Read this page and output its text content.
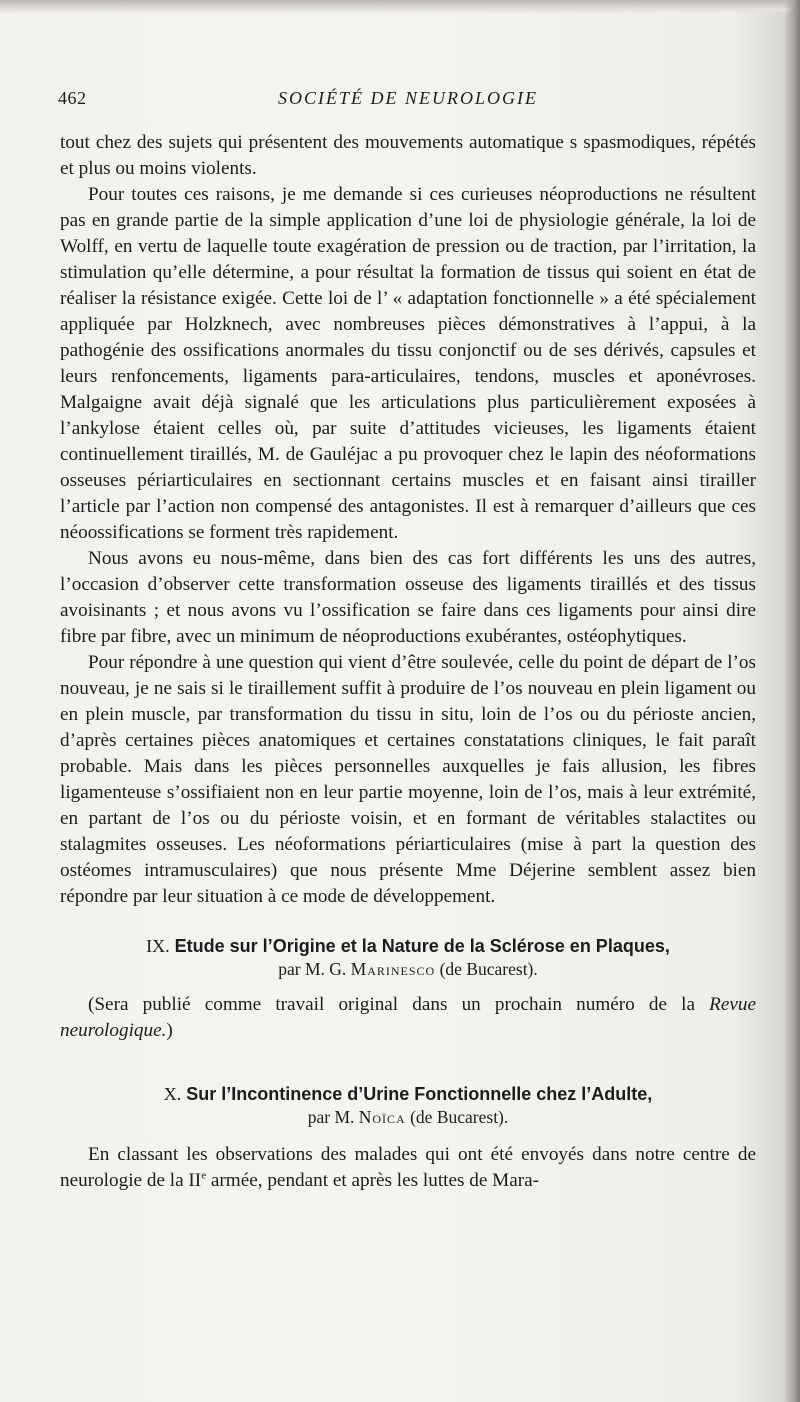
462	SOCIÉTÉ DE NEUROLOGIE

tout chez des sujets qui présentent des mouvements automatique s spasmodiques, répétés et plus ou moins violents.

Pour toutes ces raisons, je me demande si ces curieuses néoproductions ne résultent pas en grande partie de la simple application d’une loi de physiologie générale, la loi de Wolff, en vertu de laquelle toute exagération de pression ou de traction, par l’irritation, la stimulation qu’elle détermine, a pour résultat la formation de tissus qui soient en état de réaliser la résistance exigée. Cette loi de l’ « adaptation fonctionnelle » a été spécialement appliquée par Holzknech, avec nombreuses pièces démonstratives à l’appui, à la pathogénie des ossifications anormales du tissu conjonctif ou de ses dérivés, capsules et leurs renfoncements, ligaments para-articulaires, tendons, muscles et aponévroses. Malgaigne avait déjà signalé que les articulations plus particulièrement exposées à l’ankylose étaient celles où, par suite d’attitudes vicieuses, les ligaments étaient continuellement tiraillés, M. de Gauléjac a pu provoquer chez le lapin des néoformations osseuses périarticulaires en sectionnant certains muscles et en faisant ainsi tirailler l’article par l’action non compensé des antagonistes. Il est à remarquer d’ailleurs que ces néoossifications se forment très rapidement.

Nous avons eu nous-même, dans bien des cas fort différents les uns des autres, l’occasion d’observer cette transformation osseuse des ligaments tiraillés et des tissus avoisinants ; et nous avons vu l’ossification se faire dans ces ligaments pour ainsi dire fibre par fibre, avec un minimum de néoproductions exubérantes, ostéophytiques.

Pour répondre à une question qui vient d’être soulevée, celle du point de départ de l’os nouveau, je ne sais si le tiraillement suffit à produire de l’os nouveau en plein ligament ou en plein muscle, par transformation du tissu in situ, loin de l’os ou du périoste ancien, d’après certaines pièces anatomiques et certaines constatations cliniques, le fait paraît probable. Mais dans les pièces personnelles auxquelles je fais allusion, les fibres ligamenteuse s’ossifiaient non en leur partie moyenne, loin de l’os, mais à leur extrémité, en partant de l’os ou du périoste voisin, et en formant de véritables stalactites ou stalagmites osseuses. Les néoformations périarticulaires (mise à part la question des ostéomes intramusculaires) que nous présente Mme Déjerine semblent assez bien répondre par leur situation à ce mode de développement.

IX. Etude sur l’Origine et la Nature de la Sclérose en Plaques,
par M. G. Marinesco (de Bucarest).

(Sera publié comme travail original dans un prochain numéro de la Revue neurologique.)

X. Sur l’Incontinence d’Urine Fonctionnelle chez l’Adulte,
par M. Noïca (de Bucarest).

En classant les observations des malades qui ont été envoyés dans notre centre de neurologie de la IIe armée, pendant et après les luttes de Mara-
